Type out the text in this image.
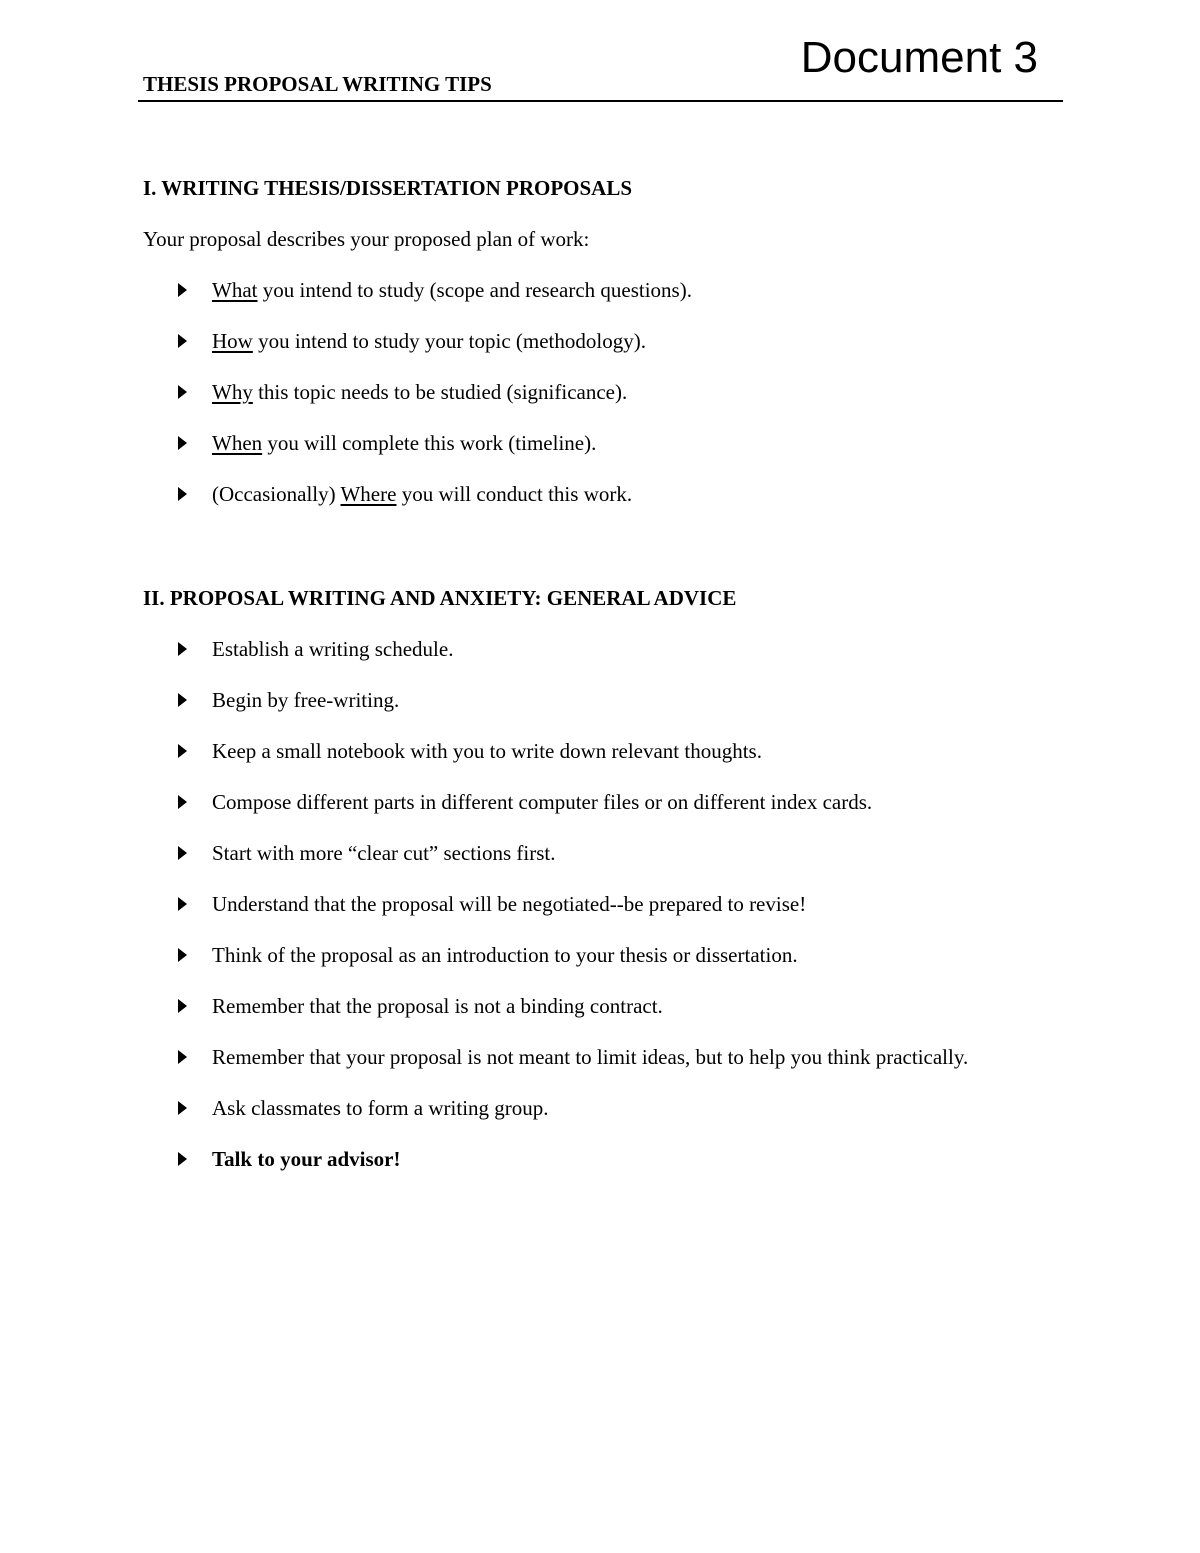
Document 3
THESIS PROPOSAL WRITING TIPS

I. WRITING THESIS/DISSERTATION PROPOSALS

Your proposal describes your proposed plan of work:

What you intend to study (scope and research questions).
How you intend to study your topic (methodology).
Why this topic needs to be studied (significance).
When you will complete this work (timeline).
(Occasionally) Where you will conduct this work.

II. PROPOSAL WRITING AND ANXIETY: GENERAL ADVICE

Establish a writing schedule.
Begin by free-writing.
Keep a small notebook with you to write down relevant thoughts.
Compose different parts in different computer files or on different index cards.
Start with more “clear cut” sections first.
Understand that the proposal will be negotiated--be prepared to revise!
Think of the proposal as an introduction to your thesis or dissertation.
Remember that the proposal is not a binding contract.
Remember that your proposal is not meant to limit ideas, but to help you think practically.
Ask classmates to form a writing group.
Talk to your advisor!
